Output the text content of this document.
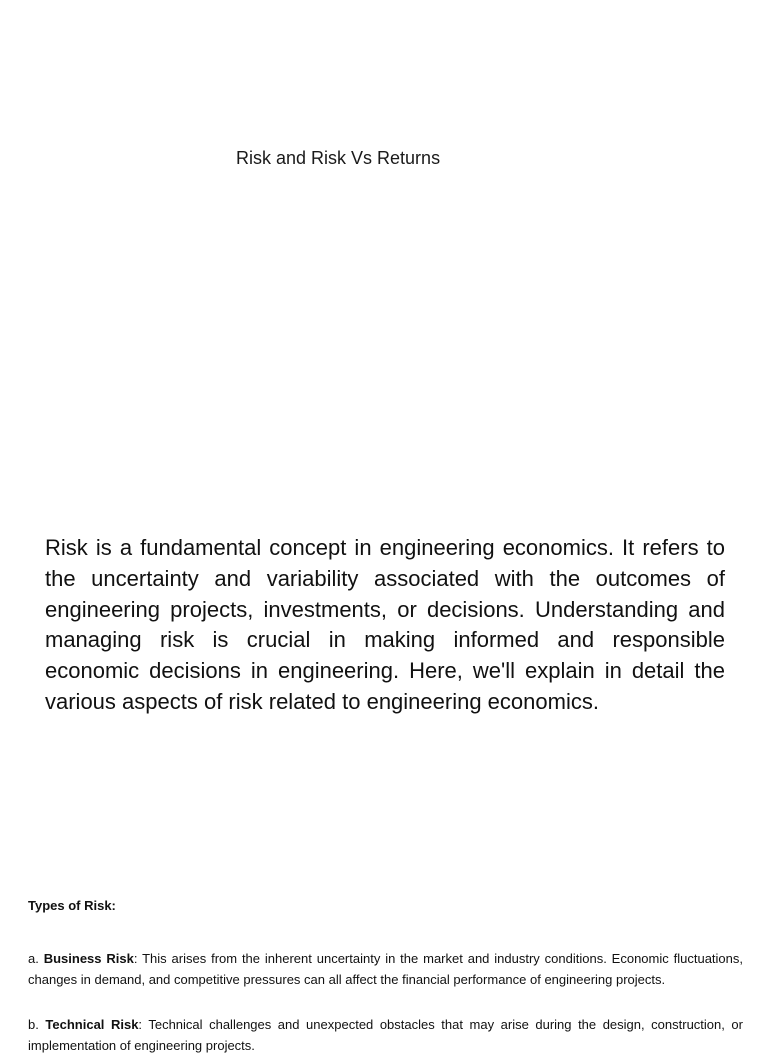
Risk and Risk Vs Returns

Risk is a fundamental concept in engineering economics. It refers to the uncertainty and variability associated with the outcomes of engineering projects, investments, or decisions. Understanding and managing risk is crucial in making informed and responsible economic decisions in engineering. Here, we'll explain in detail the various aspects of risk related to engineering economics.

Types of Risk:

a. Business Risk: This arises from the inherent uncertainty in the market and industry conditions. Economic fluctuations, changes in demand, and competitive pressures can all affect the financial performance of engineering projects.

b. Technical Risk: Technical challenges and unexpected obstacles that may arise during the design, construction, or implementation of engineering projects.
